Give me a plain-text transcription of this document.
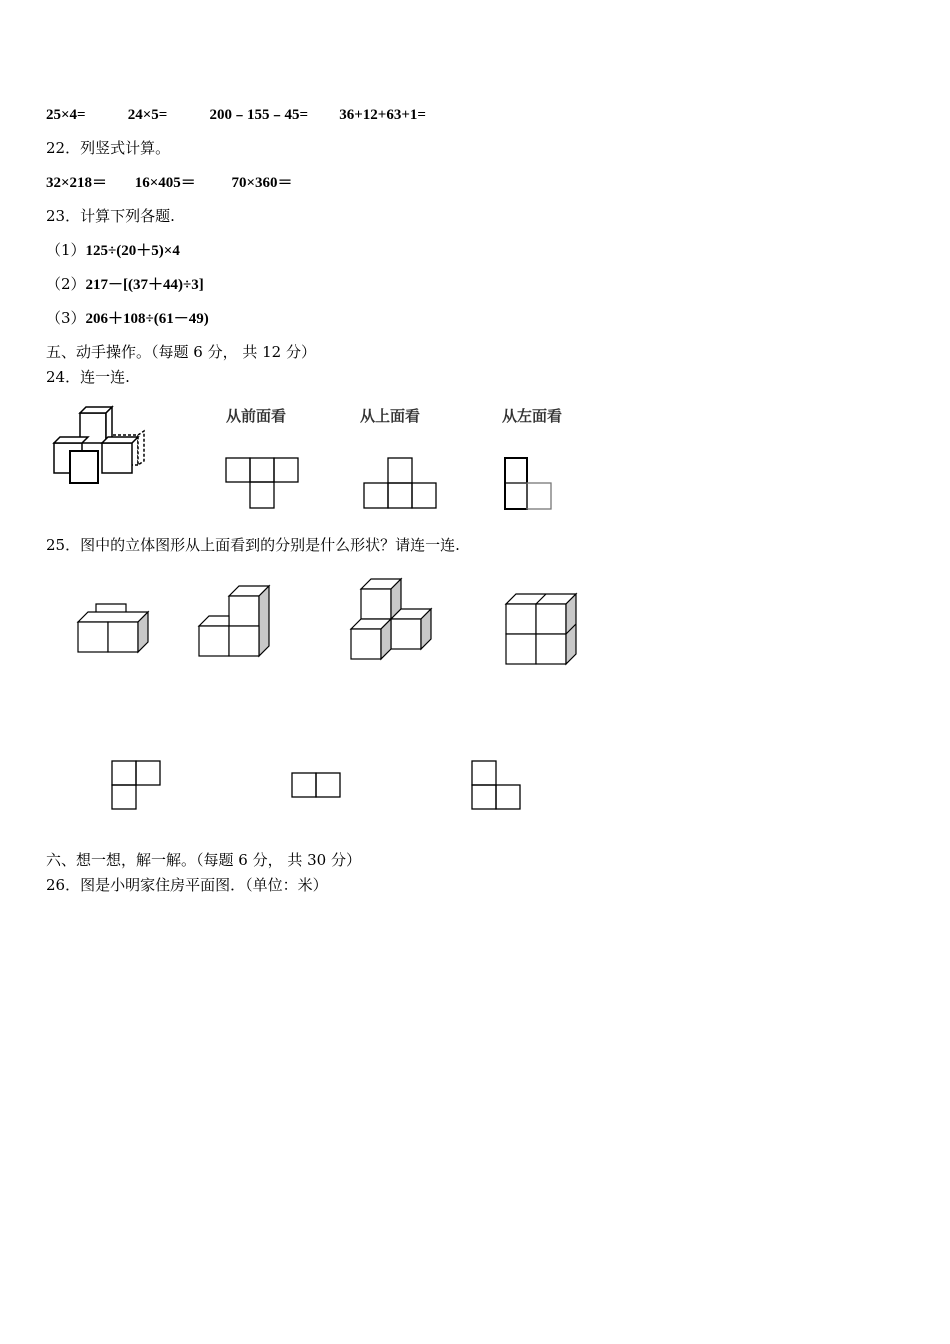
25×4=	24×5=	200﹣155﹣45= 36+12+63+1=
22．列竖式计算。
32×218＝ 16×405＝ 70×360＝
23．计算下列各题.
（1）125÷(20＋5)×4
（2）217－[(37＋44)÷3]
（3）206＋108÷(61－49)
五、动手操作。（每题 6 分， 共 12 分）
24．连一连.
从前面看	从上面看	从左面看
25．图中的立体图形从上面看到的分别是什么形状？请连一连.
六、想一想，解一解。（每题 6 分， 共 30 分）
26．图是小明家住房平面图．（单位：米）
